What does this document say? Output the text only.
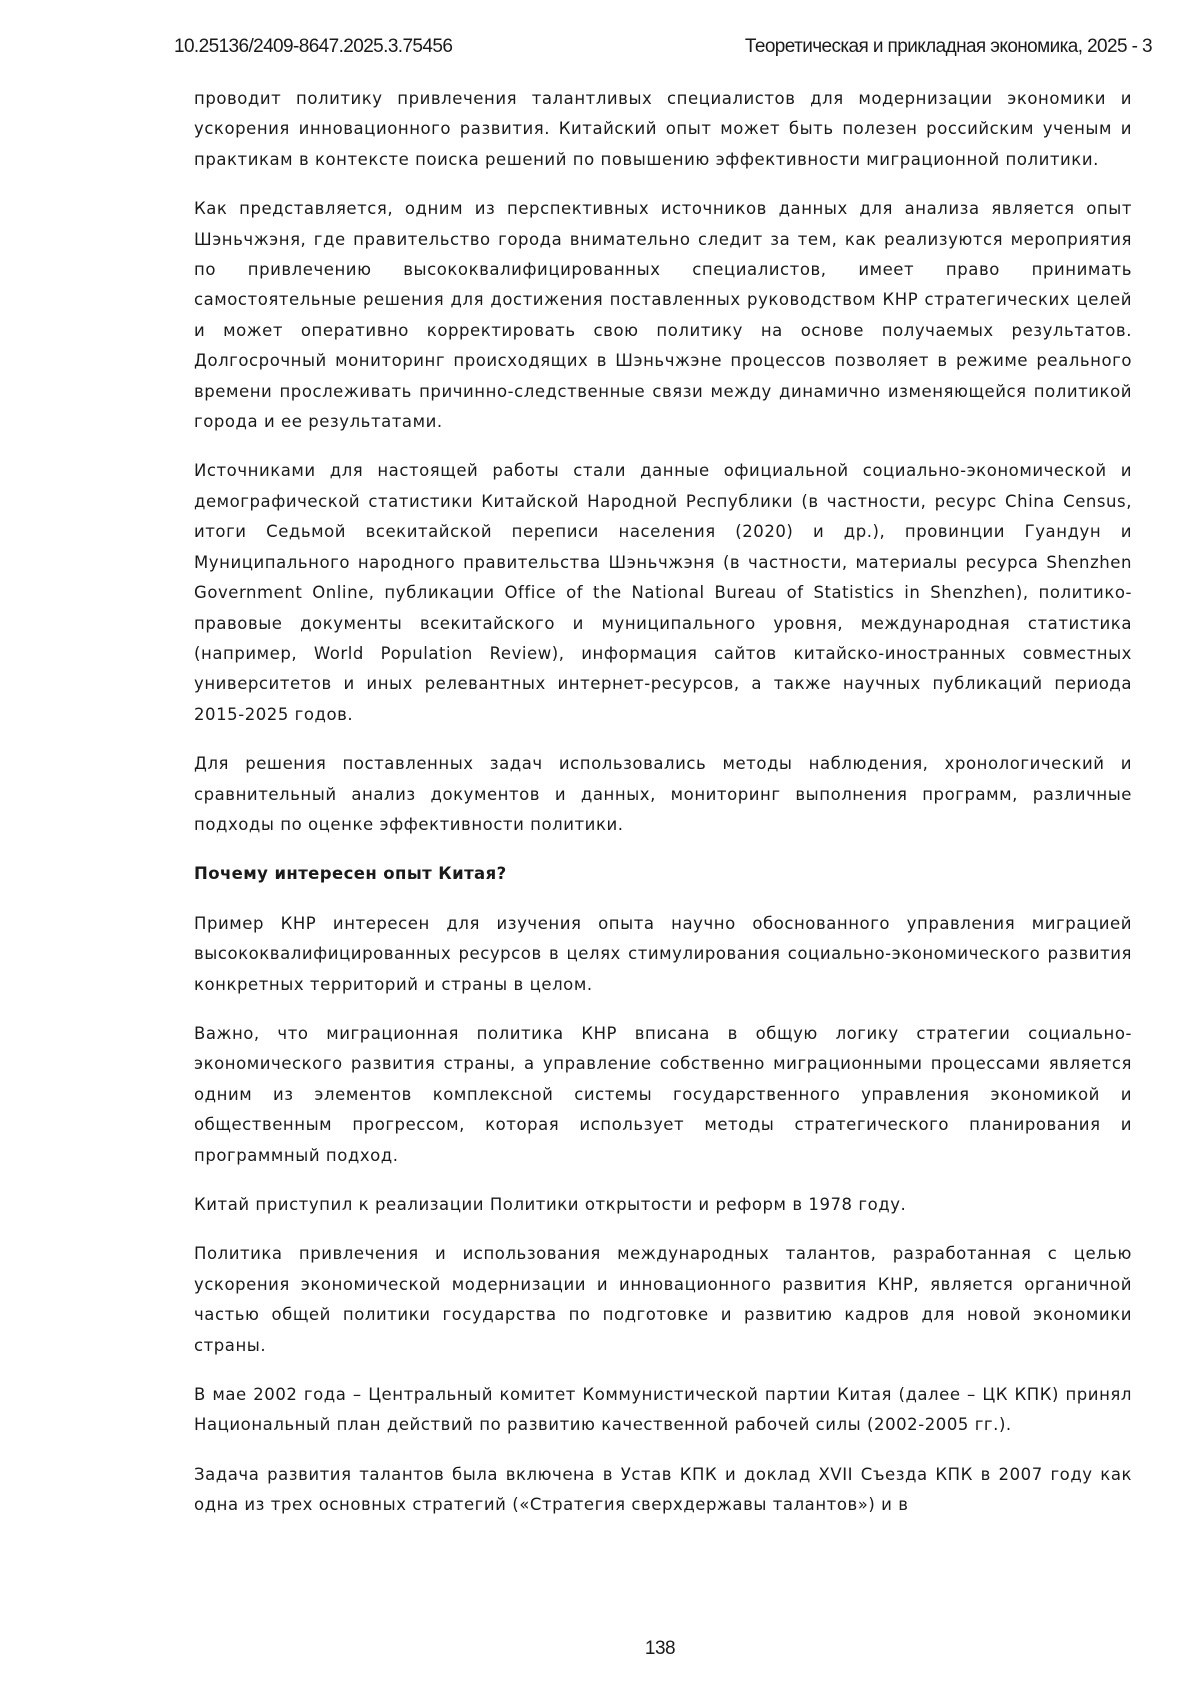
10.25136/2409-8647.2025.3.75456	Теоретическая и прикладная экономика, 2025 - 3

проводит политику привлечения талантливых специалистов для модернизации экономики и ускорения инновационного развития. Китайский опыт может быть полезен российским ученым и практикам в контексте поиска решений по повышению эффективности миграционной политики.

Как представляется, одним из перспективных источников данных для анализа является опыт Шэньчжэня, где правительство города внимательно следит за тем, как реализуются мероприятия по привлечению высококвалифицированных специалистов, имеет право принимать самостоятельные решения для достижения поставленных руководством КНР стратегических целей и может оперативно корректировать свою политику на основе получаемых результатов. Долгосрочный мониторинг происходящих в Шэньчжэне процессов позволяет в режиме реального времени прослеживать причинно-следственные связи между динамично изменяющейся политикой города и ее результатами.

Источниками для настоящей работы стали данные официальной социально-экономической и демографической статистики Китайской Народной Республики (в частности, ресурс China Census, итоги Седьмой всекитайской переписи населения (2020) и др.), провинции Гуандун и Муниципального народного правительства Шэньчжэня (в частности, материалы ресурса Shenzhen Government Online, публикации Office of the National Bureau of Statistics in Shenzhen), политико-правовые документы всекитайского и муниципального уровня, международная статистика (например, World Population Review), информация сайтов китайско-иностранных совместных университетов и иных релевантных интернет-ресурсов, а также научных публикаций периода 2015-2025 годов.

Для решения поставленных задач использовались методы наблюдения, хронологический и сравнительный анализ документов и данных, мониторинг выполнения программ, различные подходы по оценке эффективности политики.

Почему интересен опыт Китая?

Пример КНР интересен для изучения опыта научно обоснованного управления миграцией высококвалифицированных ресурсов в целях стимулирования социально-экономического развития конкретных территорий и страны в целом.

Важно, что миграционная политика КНР вписана в общую логику стратегии социально-экономического развития страны, а управление собственно миграционными процессами является одним из элементов комплексной системы государственного управления экономикой и общественным прогрессом, которая использует методы стратегического планирования и программный подход.

Китай приступил к реализации Политики открытости и реформ в 1978 году.

Политика привлечения и использования международных талантов, разработанная с целью ускорения экономической модернизации и инновационного развития КНР, является органичной частью общей политики государства по подготовке и развитию кадров для новой экономики страны.

В мае 2002 года – Центральный комитет Коммунистической партии Китая (далее – ЦК КПК) принял Национальный план действий по развитию качественной рабочей силы (2002-2005 гг.).

Задача развития талантов была включена в Устав КПК и доклад XVII Съезда КПК в 2007 году как одна из трех основных стратегий («Стратегия сверхдержавы талантов») и в

138
